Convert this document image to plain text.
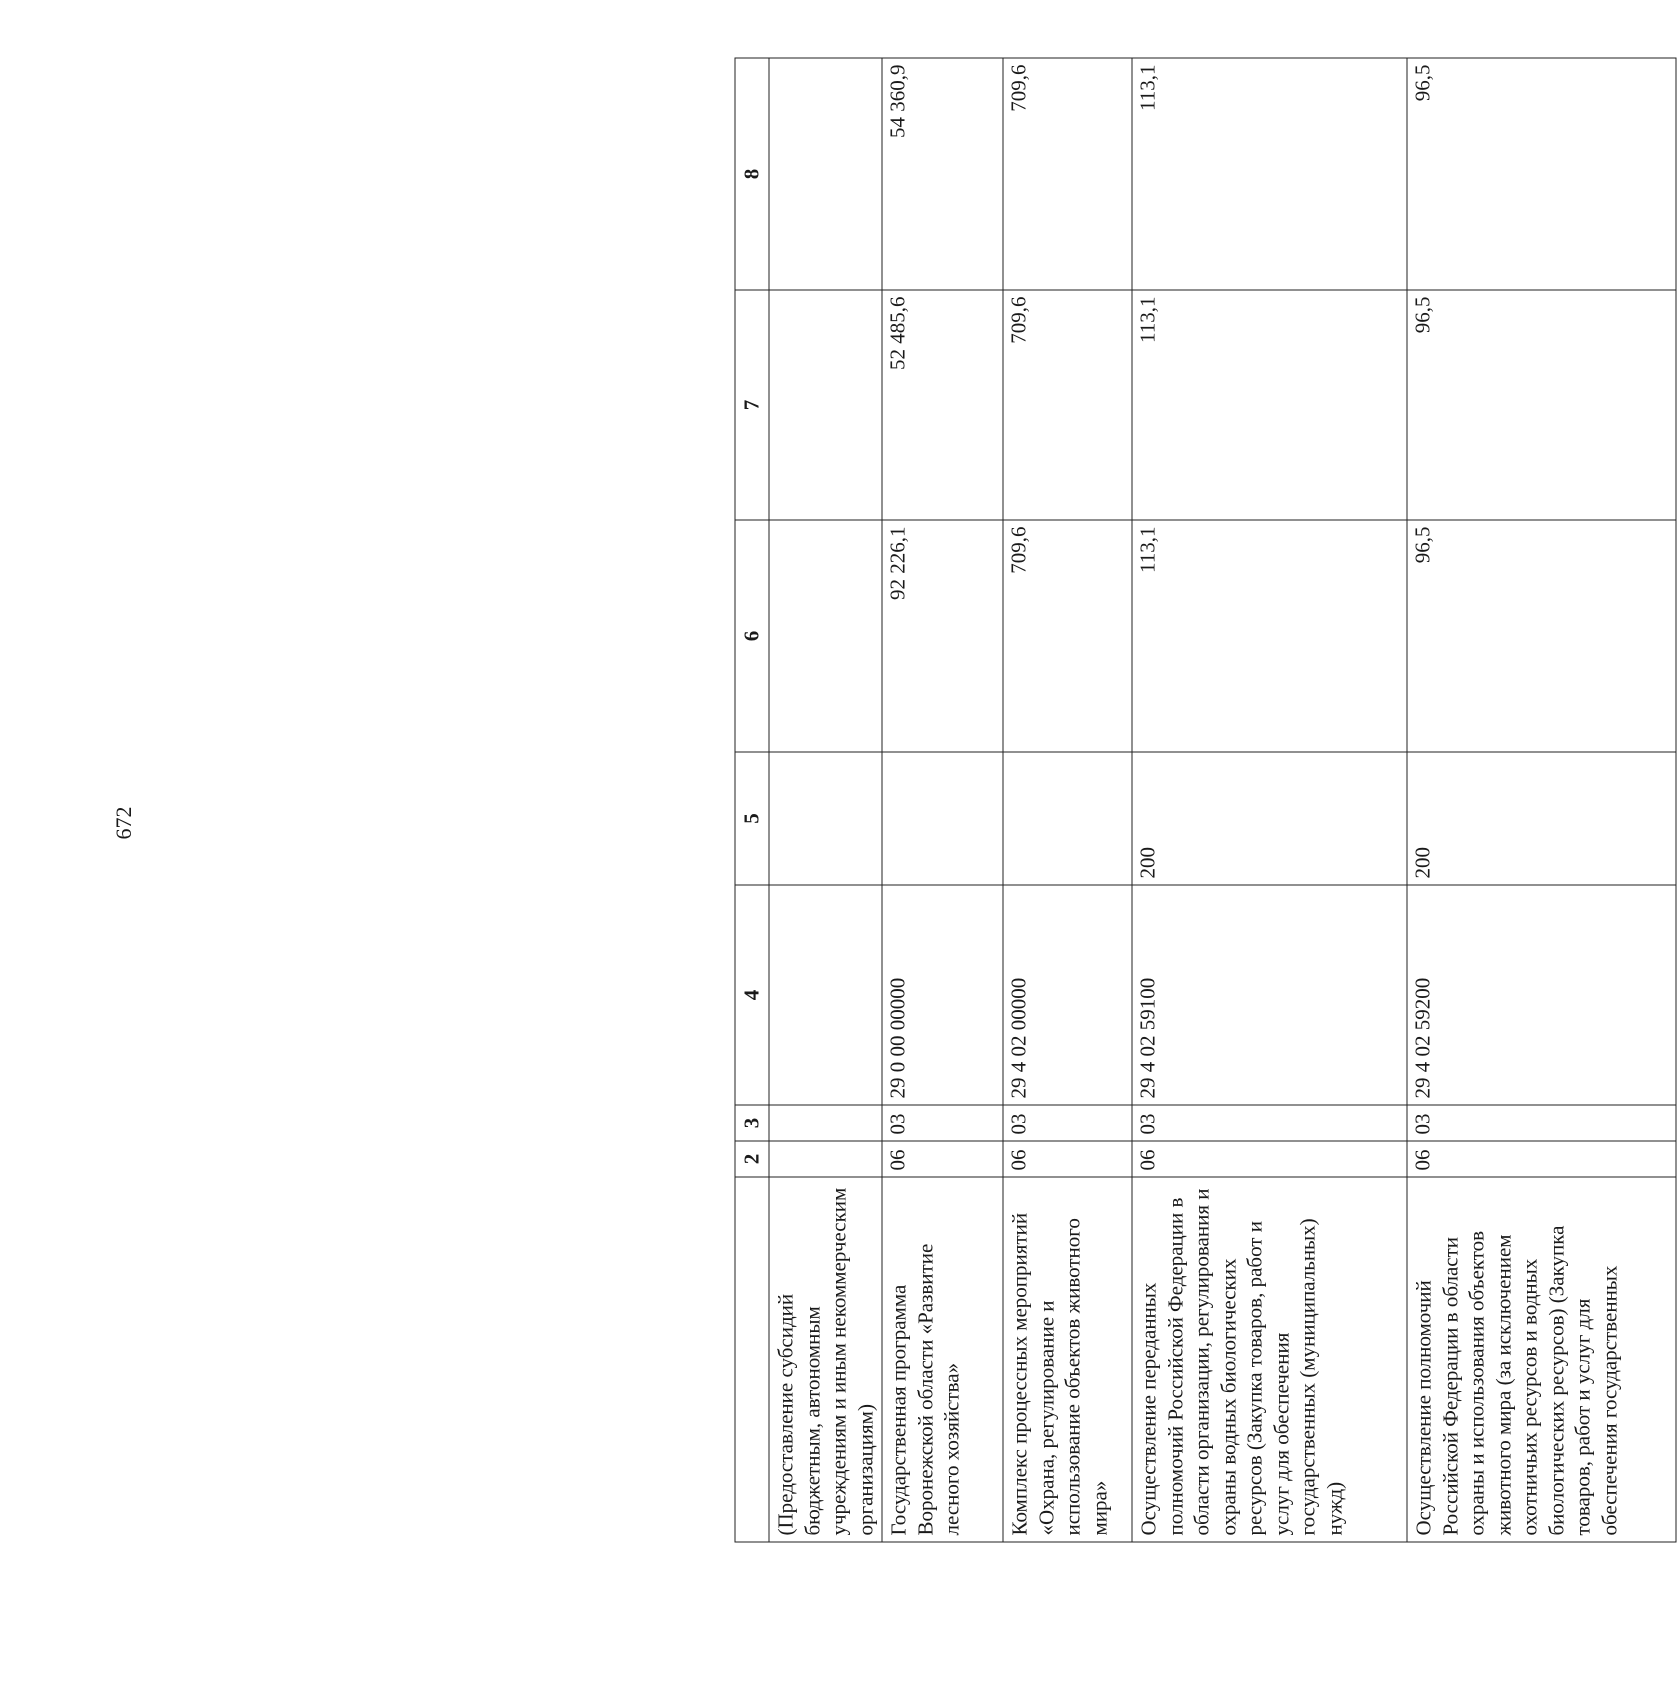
672
	2	3	4	5	6	7	8
(Предоставление субсидий бюджетным, автономным учреждениям и иным некоммерческим организациям)							
Государственная программа Воронежской области «Развитие лесного хозяйства»	06	03	29 0 00 00000		92 226,1	52 485,6	54 360,9
Комплекс процессных мероприятий «Охрана, регулирование и использование объектов животного мира»	06	03	29 4 02 00000		709,6	709,6	709,6
Осуществление переданных полномочий Российской Федерации в области организации, регулирования и охраны водных биологических ресурсов (Закупка товаров, работ и услуг для обеспечения государственных (муниципальных) нужд)	06	03	29 4 02 59100	200	113,1	113,1	113,1
Осуществление полномочий Российской Федерации в области охраны и использования объектов животного мира (за исключением охотничьих ресурсов и водных биологических ресурсов) (Закупка товаров, работ и услуг для обеспечения государственных	06	03	29 4 02 59200	200	96,5	96,5	96,5
